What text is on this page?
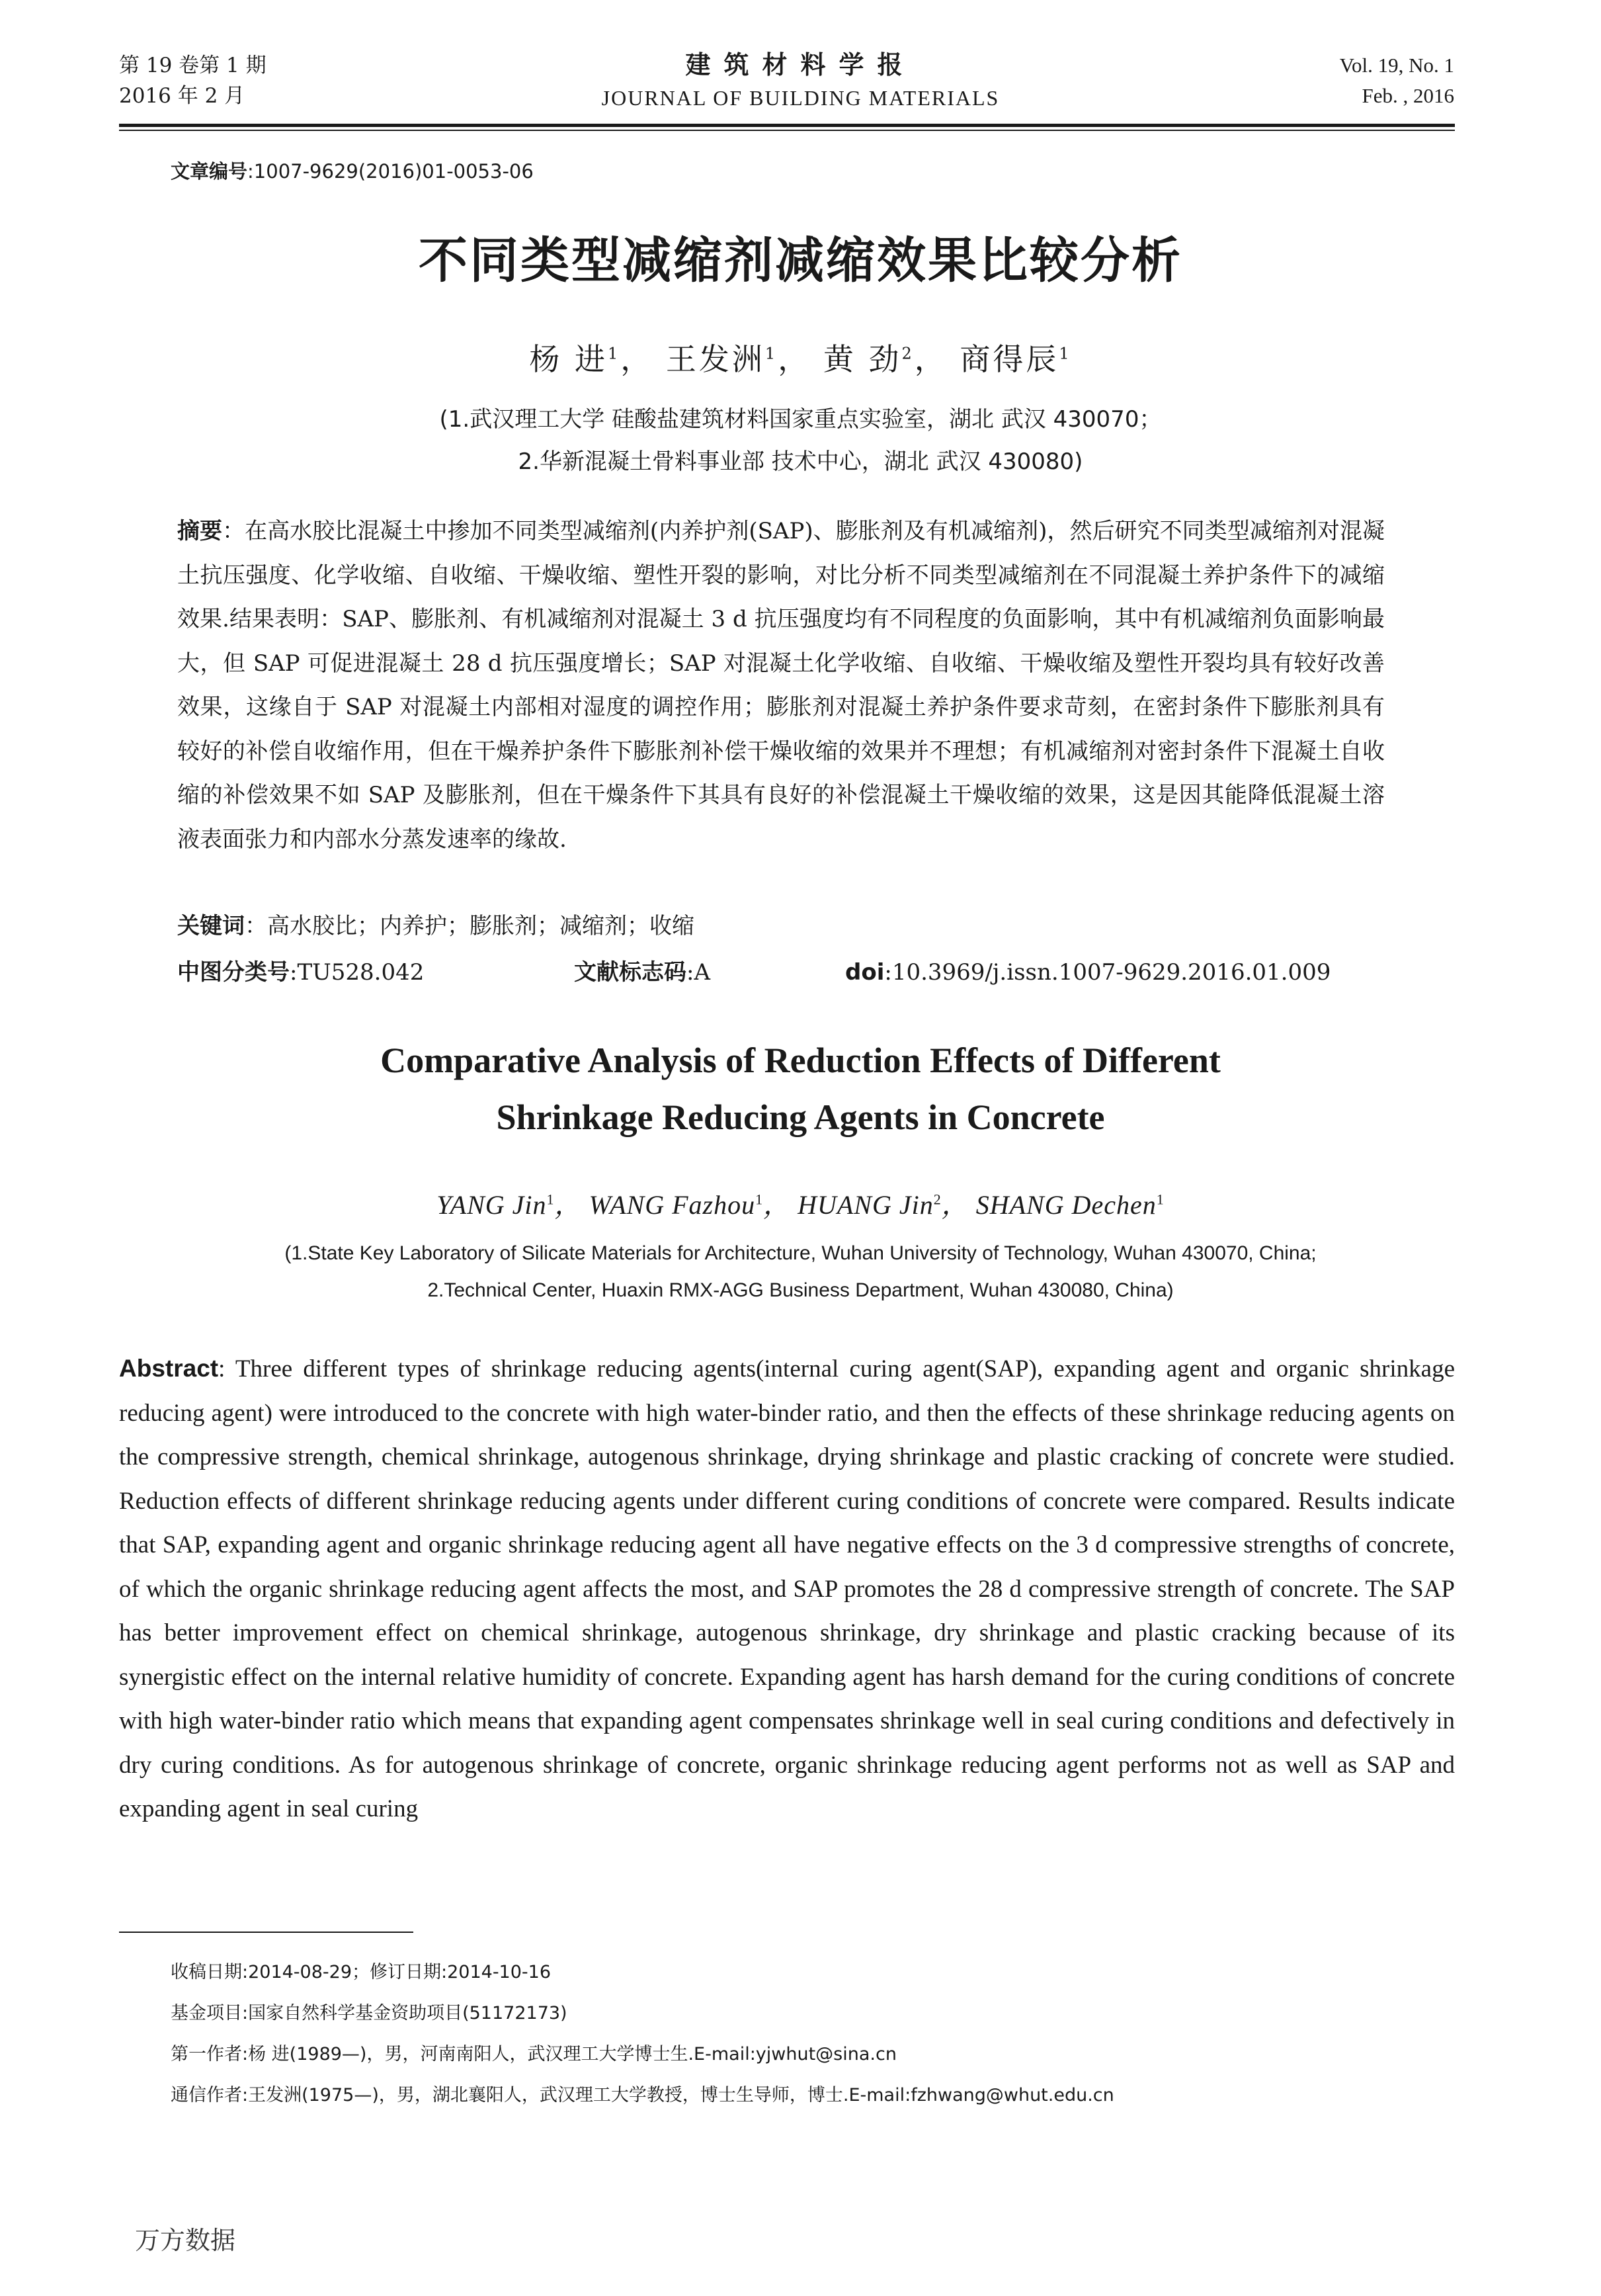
第 19 卷第 1 期
2016 年 2 月
建筑材料学报
JOURNAL OF BUILDING MATERIALS
Vol. 19, No. 1
Feb. , 2016
文章编号:1007-9629(2016)01-0053-06
不同类型减缩剂减缩效果比较分析
杨 进$^1$， 王发洲$^1$， 黄 劲$^2$， 商得辰$^1$
(1.武汉理工大学 硅酸盐建筑材料国家重点实验室，湖北 武汉 430070；
2.华新混凝土骨料事业部 技术中心，湖北 武汉 430080)
摘要：在高水胶比混凝土中掺加不同类型减缩剂(内养护剂(SAP)、膨胀剂及有机减缩剂)，然后研究不同类型减缩剂对混凝土抗压强度、化学收缩、自收缩、干燥收缩、塑性开裂的影响，对比分析不同类型减缩剂在不同混凝土养护条件下的减缩效果.结果表明：SAP、膨胀剂、有机减缩剂对混凝土 3 d 抗压强度均有不同程度的负面影响，其中有机减缩剂负面影响最大，但 SAP 可促进混凝土 28 d 抗压强度增长；SAP 对混凝土化学收缩、自收缩、干燥收缩及塑性开裂均具有较好改善效果，这缘自于 SAP 对混凝土内部相对湿度的调控作用；膨胀剂对混凝土养护条件要求苛刻，在密封条件下膨胀剂具有较好的补偿自收缩作用，但在干燥养护条件下膨胀剂补偿干燥收缩的效果并不理想；有机减缩剂对密封条件下混凝土自收缩的补偿效果不如 SAP 及膨胀剂，但在干燥条件下其具有良好的补偿混凝土干燥收缩的效果，这是因其能降低混凝土溶液表面张力和内部水分蒸发速率的缘故.
关键词：高水胶比；内养护；膨胀剂；减缩剂；收缩
中图分类号:TU528.042	文献标志码:A	doi:10.3969/j.issn.1007-9629.2016.01.009
Comparative Analysis of Reduction Effects of Different
Shrinkage Reducing Agents in Concrete
YANG Jin$^1$， WANG Fazhou$^1$， HUANG Jin$^2$， SHANG Dechen$^1$
(1.State Key Laboratory of Silicate Materials for Architecture, Wuhan University of Technology, Wuhan 430070, China;
2.Technical Center, Huaxin RMX-AGG Business Department, Wuhan 430080, China)
Abstract: Three different types of shrinkage reducing agents(internal curing agent(SAP), expanding agent and organic shrinkage reducing agent) were introduced to the concrete with high water-binder ratio, and then the effects of these shrinkage reducing agents on the compressive strength, chemical shrinkage, autogenous shrinkage, drying shrinkage and plastic cracking of concrete were studied. Reduction effects of different shrinkage reducing agents under different curing conditions of concrete were compared. Results indicate that SAP, expanding agent and organic shrinkage reducing agent all have negative effects on the 3 d compressive strengths of concrete, of which the organic shrinkage reducing agent affects the most, and SAP promotes the 28 d compressive strength of concrete. The SAP has better improvement effect on chemical shrinkage, autogenous shrinkage, dry shrinkage and plastic cracking because of its synergistic effect on the internal relative humidity of concrete. Expanding agent has harsh demand for the curing conditions of concrete with high water-binder ratio which means that expanding agent compensates shrinkage well in seal curing conditions and defectively in dry curing conditions. As for autogenous shrinkage of concrete, organic shrinkage reducing agent performs not as well as SAP and expanding agent in seal curing
收稿日期:2014-08-29；修订日期:2014-10-16
基金项目:国家自然科学基金资助项目(51172173)
第一作者:杨 进(1989—)，男，河南南阳人，武汉理工大学博士生.E-mail:yjwhut@sina.cn
通信作者:王发洲(1975—)，男，湖北襄阳人，武汉理工大学教授，博士生导师，博士.E-mail:fzhwang@whut.edu.cn
万方数据
